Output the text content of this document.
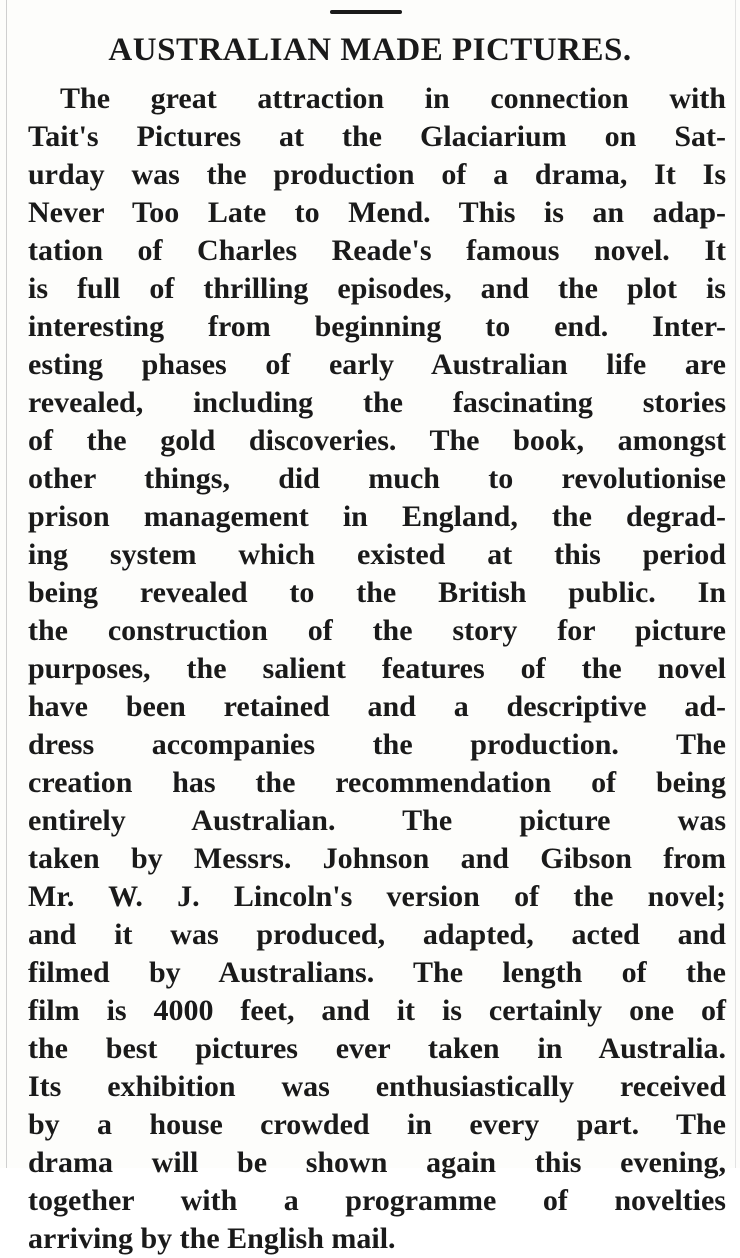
AUSTRALIAN MADE PICTURES.
The great attraction in connection with
Tait's Pictures at the Glaciarium on Sat-
urday was the production of a drama, It Is
Never Too Late to Mend. This is an adap-
tation of Charles Reade's famous novel. It
is full of thrilling episodes, and the plot is
interesting from beginning to end. Inter-
esting phases of early Australian life are
revealed, including the fascinating stories
of the gold discoveries. The book, amongst
other things, did much to revolutionise
prison management in England, the degrad-
ing system which existed at this period
being revealed to the British public. In
the construction of the story for picture
purposes, the salient features of the novel
have been retained and a descriptive ad-
dress accompanies the production. The
creation has the recommendation of being
entirely Australian. The picture was
taken by Messrs. Johnson and Gibson from
Mr. W. J. Lincoln's version of the novel;
and it was produced, adapted, acted and
filmed by Australians. The length of the
film is 4000 feet, and it is certainly one of
the best pictures ever taken in Australia.
Its exhibition was enthusiastically received
by a house crowded in every part. The
drama will be shown again this evening,
together with a programme of novelties
arriving by the English mail.
